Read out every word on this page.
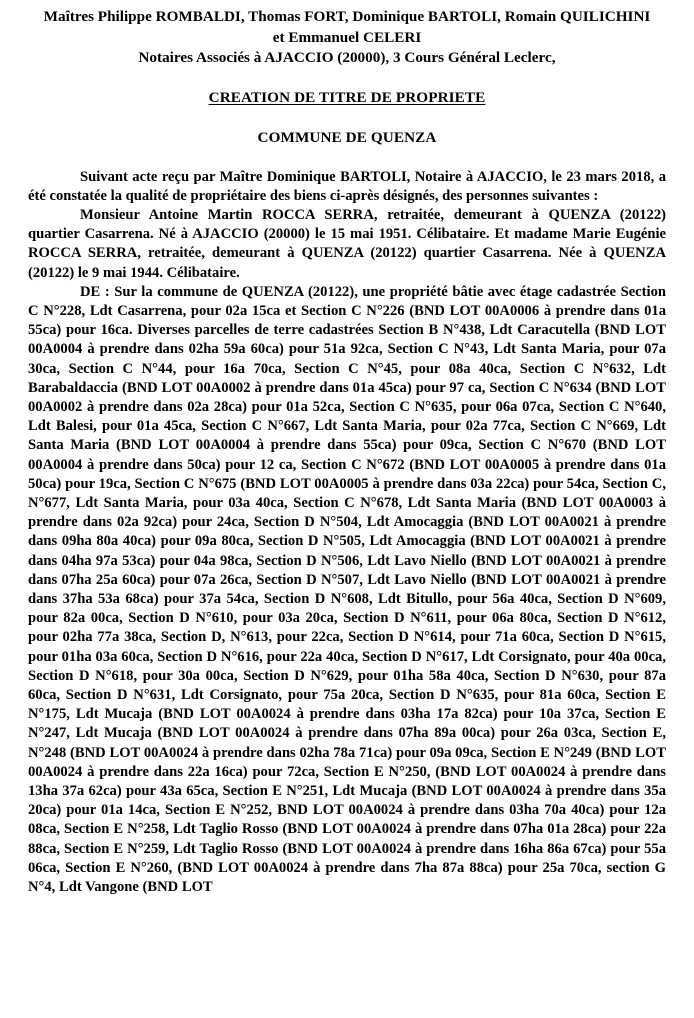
Maîtres Philippe ROMBALDI, Thomas FORT, Dominique BARTOLI, Romain QUILICHINI et Emmanuel CELERI
Notaires Associés à AJACCIO (20000), 3 Cours Général Leclerc,
CREATION DE TITRE DE PROPRIETE
COMMUNE DE QUENZA

Suivant acte reçu par Maître Dominique BARTOLI, Notaire à AJACCIO, le 23 mars 2018, a été constatée la qualité de propriétaire des biens ci-après désignés, des personnes suivantes :

Monsieur Antoine Martin ROCCA SERRA, retraitée, demeurant à QUENZA (20122) quartier Casarrena. Né à AJACCIO (20000) le 15 mai 1951. Célibataire. Et madame Marie Eugénie ROCCA SERRA, retraitée, demeurant à QUENZA (20122) quartier Casarrena. Née à QUENZA (20122) le 9 mai 1944. Célibataire.

DE : Sur la commune de QUENZA (20122), une propriété bâtie avec étage cadastrée Section C N°228, Ldt Casarrena, pour 02a 15ca et Section C N°226 (BND LOT 00A0006 à prendre dans 01a 55ca) pour 16ca. Diverses parcelles de terre cadastrées Section B N°438, Ldt Caracutella (BND LOT 00A0004 à prendre dans 02ha 59a 60ca) pour 51a 92ca, Section C N°43, Ldt Santa Maria, pour 07a 30ca, Section C N°44, pour 16a 70ca, Section C N°45, pour 08a 40ca, Section C N°632, Ldt Barabaldaccia (BND LOT 00A0002 à prendre dans 01a 45ca) pour 97 ca, Section C N°634 (BND LOT 00A0002 à prendre dans 02a 28ca) pour 01a 52ca, Section C N°635, pour 06a 07ca, Section C N°640, Ldt Balesi, pour 01a 45ca, Section C N°667, Ldt Santa Maria, pour 02a 77ca, Section C N°669, Ldt Santa Maria (BND LOT 00A0004 à prendre dans 55ca) pour 09ca, Section C N°670 (BND LOT 00A0004 à prendre dans 50ca) pour 12 ca, Section C N°672 (BND LOT 00A0005 à prendre dans 01a 50ca) pour 19ca, Section C N°675 (BND LOT 00A0005 à prendre dans 03a 22ca) pour 54ca, Section C, N°677, Ldt Santa Maria, pour 03a 40ca, Section C N°678, Ldt Santa Maria (BND LOT 00A0003 à prendre dans 02a 92ca) pour 24ca, Section D N°504, Ldt Amocaggia (BND LOT 00A0021 à prendre dans 09ha 80a 40ca) pour 09a 80ca, Section D N°505, Ldt Amocaggia (BND LOT 00A0021 à prendre dans 04ha 97a 53ca) pour 04a 98ca, Section D N°506, Ldt Lavo Niello (BND LOT 00A0021 à prendre dans 07ha 25a 60ca) pour 07a 26ca, Section D N°507, Ldt Lavo Niello (BND LOT 00A0021 à prendre dans 37ha 53a 68ca) pour 37a 54ca, Section D N°608, Ldt Bitullo, pour 56a 40ca, Section D N°609, pour 82a 00ca, Section D N°610, pour 03a 20ca, Section D N°611, pour 06a 80ca, Section D N°612, pour 02ha 77a 38ca, Section D, N°613, pour 22ca, Section D N°614, pour 71a 60ca, Section D N°615, pour 01ha 03a 60ca, Section D N°616, pour 22a 40ca, Section D N°617, Ldt Corsignato, pour 40a 00ca, Section D N°618, pour 30a 00ca, Section D N°629, pour 01ha 58a 40ca, Section D N°630, pour 87a 60ca, Section D N°631, Ldt Corsignato, pour 75a 20ca, Section D N°635, pour 81a 60ca, Section E N°175, Ldt Mucaja (BND LOT 00A0024 à prendre dans 03ha 17a 82ca) pour 10a 37ca, Section E N°247, Ldt Mucaja (BND LOT 00A0024 à prendre dans 07ha 89a 00ca) pour 26a 03ca, Section E, N°248 (BND LOT 00A0024 à prendre dans 02ha 78a 71ca) pour 09a 09ca, Section E N°249 (BND LOT 00A0024 à prendre dans 22a 16ca) pour 72ca, Section E N°250, (BND LOT 00A0024 à prendre dans 13ha 37a 62ca) pour 43a 65ca, Section E N°251, Ldt Mucaja (BND LOT 00A0024 à prendre dans 35a 20ca) pour 01a 14ca, Section E N°252, BND LOT 00A0024 à prendre dans 03ha 70a 40ca) pour 12a 08ca, Section E N°258, Ldt Taglio Rosso (BND LOT 00A0024 à prendre dans 07ha 01a 28ca) pour 22a 88ca, Section E N°259, Ldt Taglio Rosso (BND LOT 00A0024 à prendre dans 16ha 86a 67ca) pour 55a 06ca, Section E N°260, (BND LOT 00A0024 à prendre dans 7ha 87a 88ca) pour 25a 70ca, section G N°4, Ldt Vangone (BND LOT
